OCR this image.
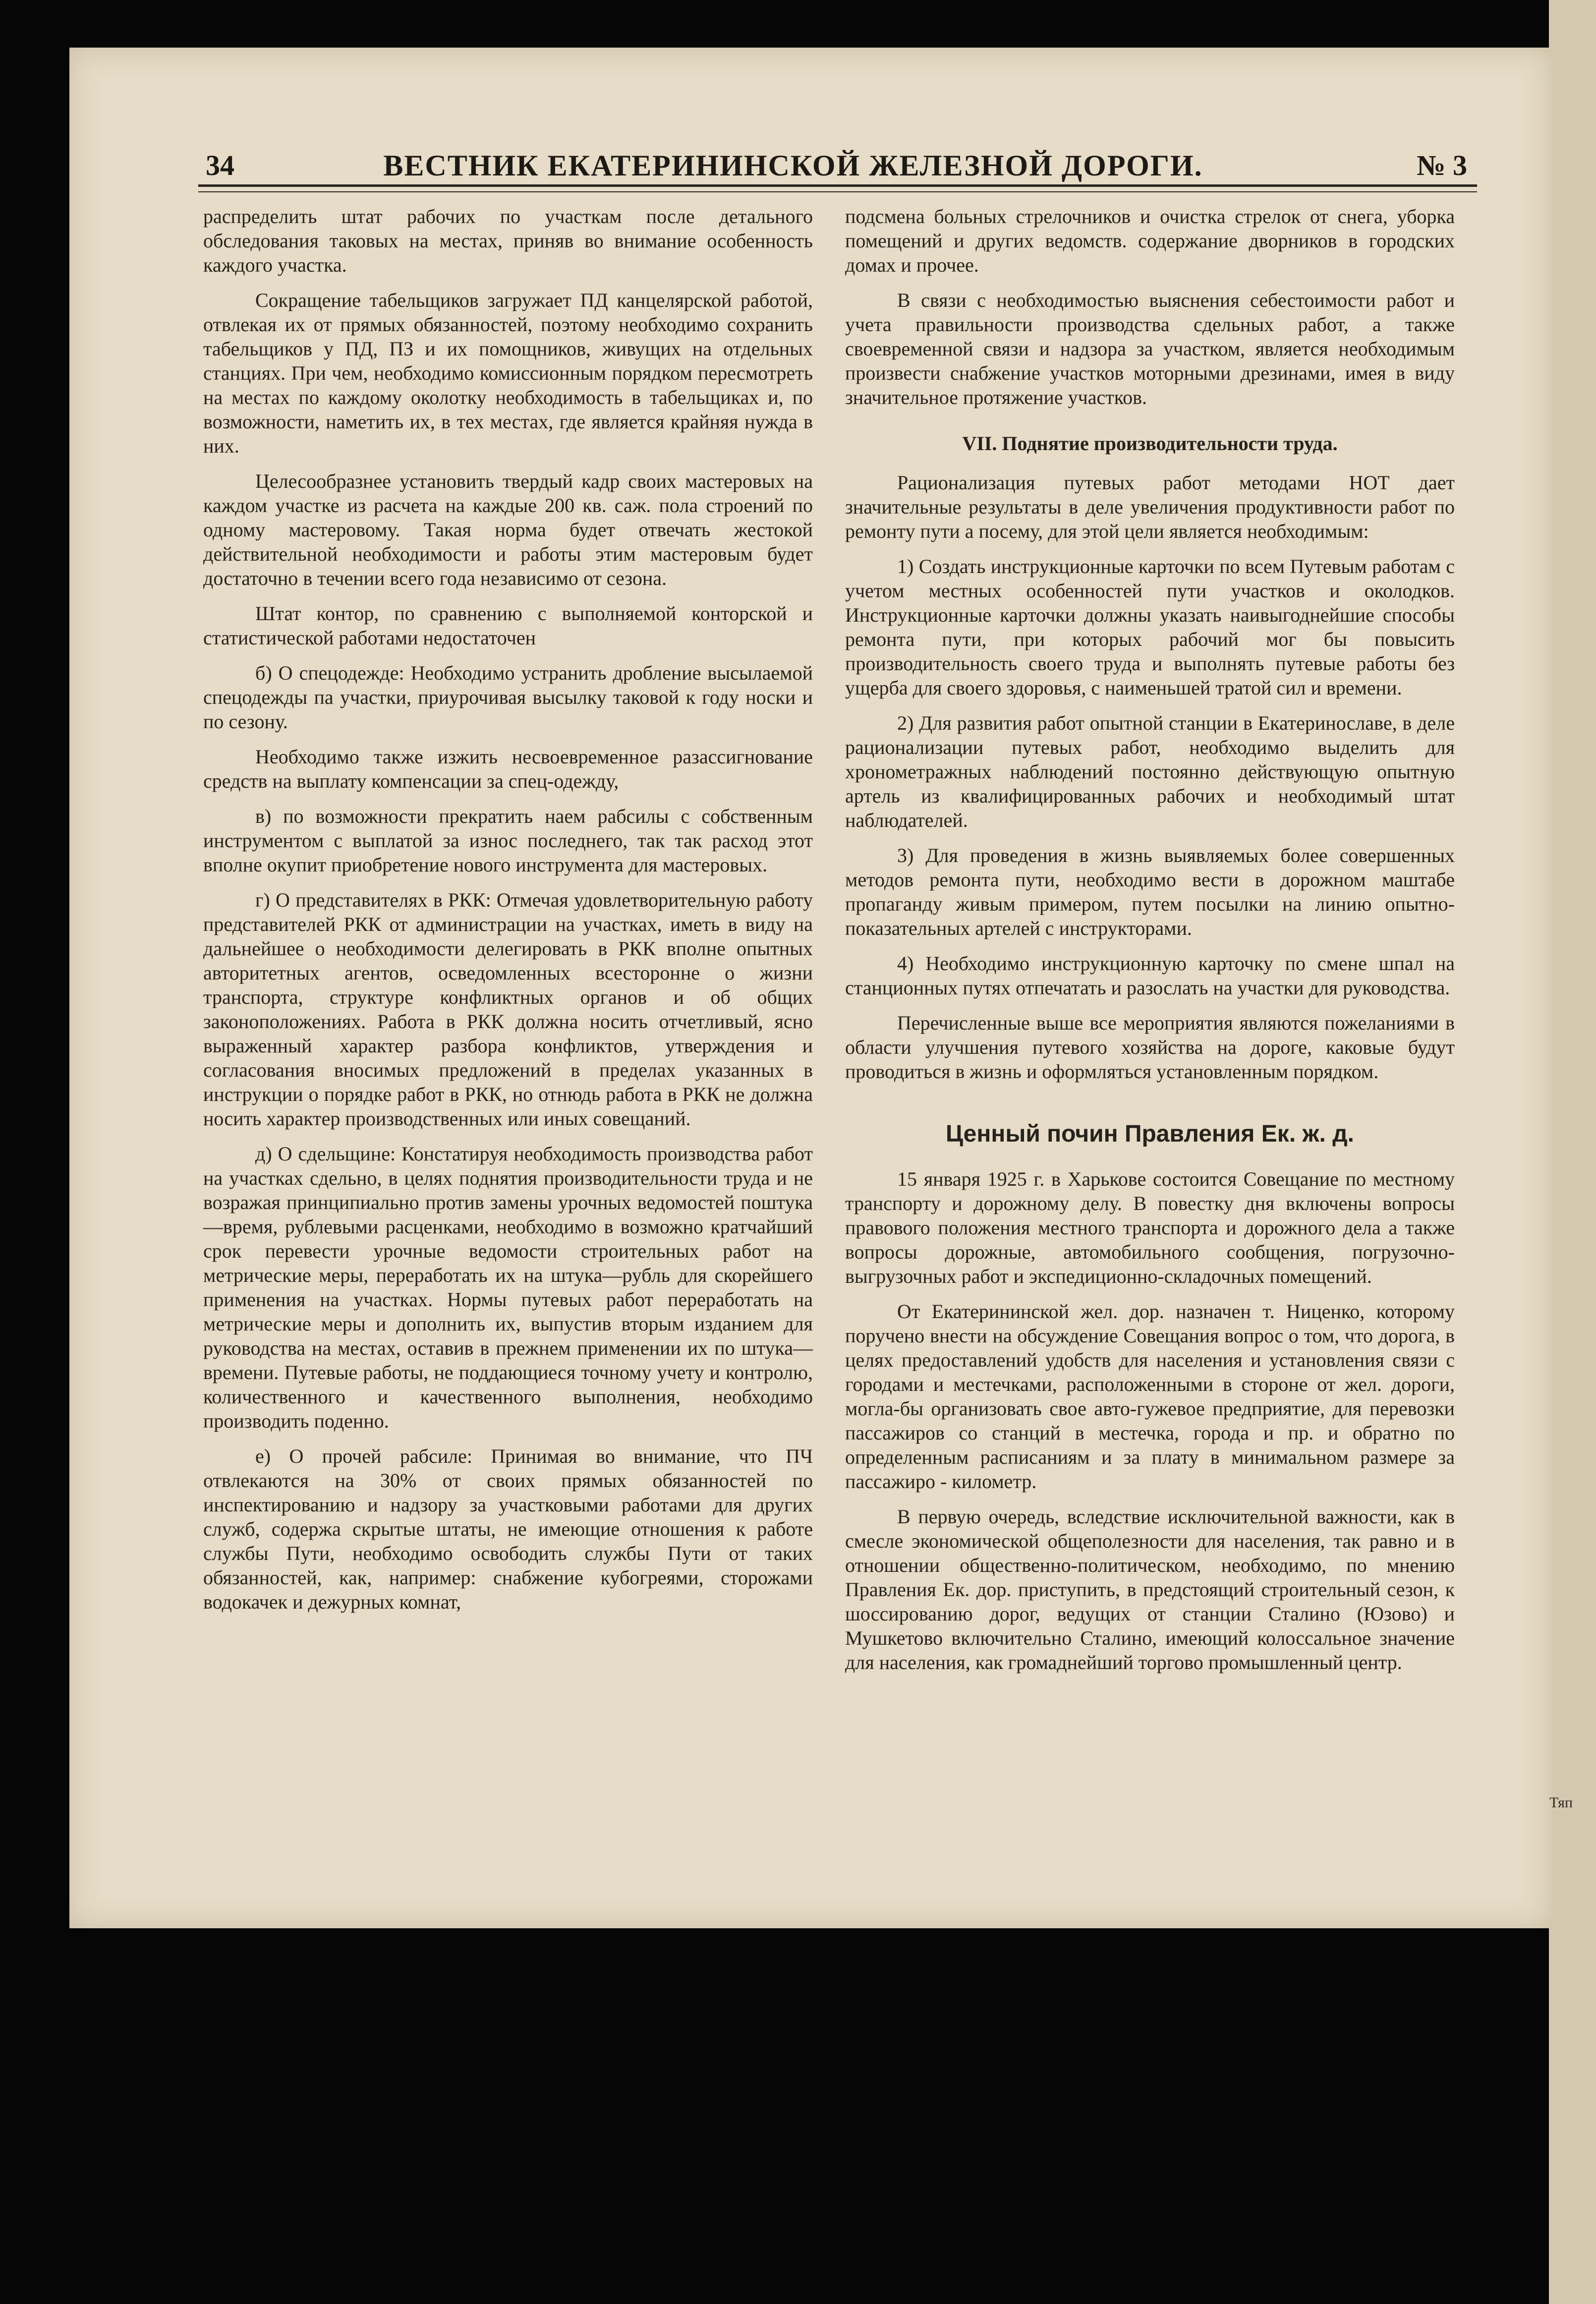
34	ВЕСТНИК ЕКАТЕРИНИНСКОЙ ЖЕЛЕЗНОЙ ДОРОГИ.	№ 3

распределить штат рабочих по участкам после детального обследования таковых на местах, приняв во внимание особенность каждого участка.

Сокращение табельщиков загружает ПД канцелярской работой, отвлекая их от прямых обязанностей, поэтому необходимо сохранить табельщиков у ПД, ПЗ и их помощников, живущих на отдельных станциях. При чем, необходимо комиссионным порядком пересмотреть на местах по каждому околотку необходимость в табельщиках и, по возможности, наметить их, в тех местах, где является крайняя нужда в них.

Целесообразнее установить твердый кадр своих мастеровых на каждом участке из расчета на каждые 200 кв. саж. пола строений по одному мастеровому. Такая норма будет отвечать жестокой действительной необходимости и работы этим мастеровым будет достаточно в течении всего года независимо от сезона.

Штат контор, по сравнению с выполняемой конторской и статистической работами недостаточен

б) О спецодежде: Необходимо устранить дробление высылаемой спецодежды па участки, приурочивая высылку таковой к году носки и по сезону.

Необходимо также изжить несвоевременное разассигнование средств на выплату компенсации за спец-одежду,

в) по возможности прекратить наем рабсилы с собственным инструментом с выплатой за износ последнего, так так расход этот вполне окупит приобретение нового инструмента для мастеровых.

г) О представителях в РКК: Отмечая удовлетворительную работу представителей РКК от администрации на участках, иметь в виду на дальнейшее о необходимости делегировать в РКК вполне опытных авторитетных агентов, осведомленных всесторонне о жизни транспорта, структуре конфликтных органов и об общих законоположениях. Работа в РКК должна носить отчетливый, ясно выраженный характер разбора конфликтов, утверждения и согласования вносимых предложений в пределах указанных в инструкции о порядке работ в РКК, но отнюдь работа в РКК не должна носить характер производственных или иных совещаний.

д) О сдельщине: Констатируя необходимость производства работ на участках сдельно, в целях поднятия производительности труда и не возражая принципиально против замены урочных ведомостей поштука—время, рублевыми расценками, необходимо в возможно кратчайший срок перевести урочные ведомости строительных работ на метрические меры, переработать их на штука—рубль для скорейшего применения на участках. Нормы путевых работ переработать на метрические меры и дополнить их, выпустив вторым изданием для руководства на местах, оставив в прежнем применении их по штука—времени. Путевые работы, не поддающиеся точному учету и контролю, количественного и качественного выполнения, необходимо производить поденно.

е) О прочей рабсиле: Принимая во внимание, что ПЧ отвлекаются на 30% от своих прямых обязанностей по инспектированию и надзору за участковыми работами для других служб, содержа скрытые штаты, не имеющие отношения к работе службы Пути, необходимо освободить службы Пути от таких обязанностей, как, например: снабжение кубогреями, сторожами водокачек и дежурных комнат,

подсмена больных стрелочников и очистка стрелок от снега, уборка помещений и других ведомств. содержание дворников в городских домах и прочее.

В связи с необходимостью выяснения себестоимости работ и учета правильности производства сдельных работ, а также своевременной связи и надзора за участком, является необходимым произвести снабжение участков моторными дрезинами, имея в виду значительное протяжение участков.

VII. Поднятие производительности труда.

Рационализация путевых работ методами НОТ дает значительные результаты в деле увеличения продуктивности работ по ремонту пути а посему, для этой цели является необходимым:

1) Создать инструкционные карточки по всем Путевым работам с учетом местных особенностей пути участков и околодков. Инструкционные карточки должны указать наивыгоднейшие способы ремонта пути, при которых рабочий мог бы повысить производительность своего труда и выполнять путевые работы без ущерба для своего здоровья, с наименьшей тратой сил и времени.

2) Для развития работ опытной станции в Екатеринославе, в деле рационализации путевых работ, необходимо выделить для хронометражных наблюдений постоянно действующую опытную артель из квалифицированных рабочих и необходимый штат наблюдателей.

3) Для проведения в жизнь выявляемых более совершенных методов ремонта пути, необходимо вести в дорожном маштабе пропаганду живым примером, путем посылки на линию опытно-показательных артелей с инструкторами.

4) Необходимо инструкционную карточку по смене шпал на станционных путях отпечатать и разослать на участки для руководства.

Перечисленные выше все мероприятия являются пожеланиями в области улучшения путевого хозяйства на дороге, каковые будут проводиться в жизнь и оформляться установленным порядком.

Ценный почин Правления Ек. ж. д.

15 января 1925 г. в Харькове состоится Совещание по местному транспорту и дорожному делу. В повестку дня включены вопросы правового положения местного транспорта и дорожного дела а также вопросы дорожные, автомобильного сообщения, погрузочно-выгрузочных работ и экспедиционно-складочных помещений.

От Екатерининской жел. дор. назначен т. Ниценко, которому поручено внести на обсуждение Совещания вопрос о том, что дорога, в целях предоставлений удобств для населения и установления связи с городами и местечками, расположенными в стороне от жел. дороги, могла-бы организовать свое авто-гужевое предприятие, для перевозки пассажиров со станций в местечка, города и пр. и обратно по определенным расписаниям и за плату в минимальном размере за пассажиро - километр.

В первую очередь, вследствие исключительной важности, как в смесле экономической общеполезности для населения, так равно и в отношении общественно-политическом, необходимо, по мнению Правления Ек. дор. приступить, в предстоящий строительный сезон, к шоссированию дорог, ведущих от станции Сталино (Юзово) и Мушкетово включительно Сталино, имеющий колоссальное значение для населения, как громаднейший торгово промышленный центр.

Тяп
